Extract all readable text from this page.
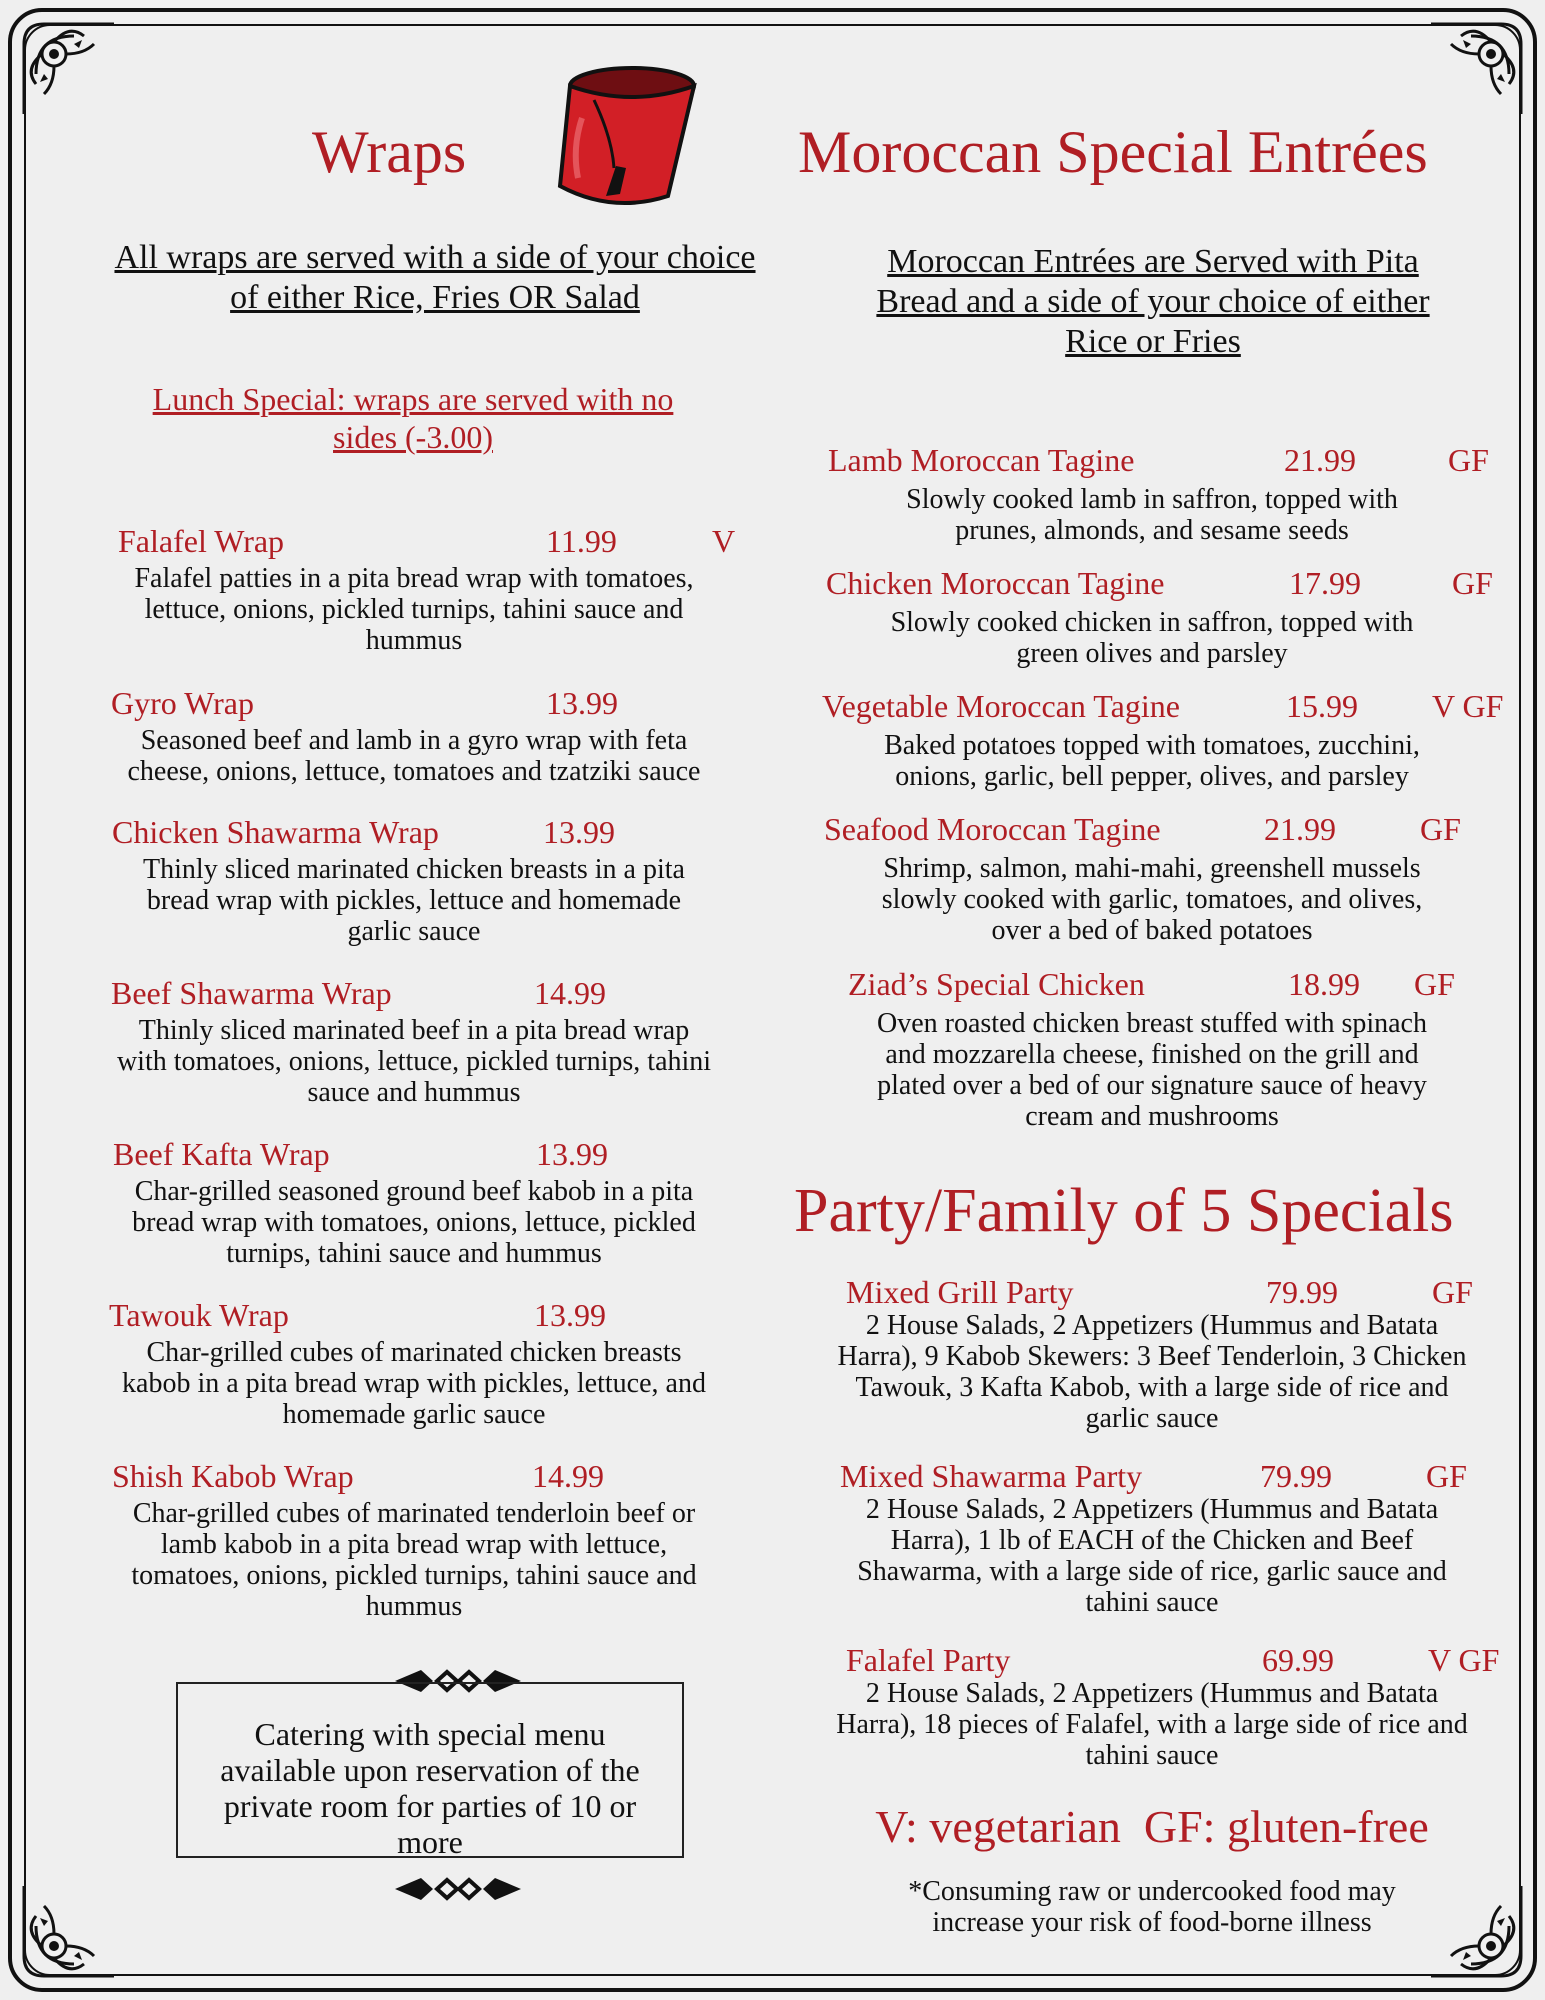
Wraps
All wraps are served with a side of your choice
of either Rice, Fries OR Salad
Lunch Special: wraps are served with no
sides (-3.00)
Falafel Wrap	11.99	V
Falafel patties in a pita bread wrap with tomatoes,
lettuce, onions, pickled turnips, tahini sauce and
hummus
Gyro Wrap	13.99
Seasoned beef and lamb in a gyro wrap with feta
cheese, onions, lettuce, tomatoes and tzatziki sauce
Chicken Shawarma Wrap	13.99
Thinly sliced marinated chicken breasts in a pita
bread wrap with pickles, lettuce and homemade
garlic sauce
Beef Shawarma Wrap	14.99
Thinly sliced marinated beef in a pita bread wrap
with tomatoes, onions, lettuce, pickled turnips, tahini
sauce and hummus
Beef Kafta Wrap	13.99
Char-grilled seasoned ground beef kabob in a pita
bread wrap with tomatoes, onions, lettuce, pickled
turnips, tahini sauce and hummus
Tawouk Wrap	13.99
Char-grilled cubes of marinated chicken breasts
kabob in a pita bread wrap with pickles, lettuce, and
homemade garlic sauce
Shish Kabob Wrap	14.99
Char-grilled cubes of marinated tenderloin beef or
lamb kabob in a pita bread wrap with lettuce,
tomatoes, onions, pickled turnips, tahini sauce and
hummus
Catering with special menu
available upon reservation of the
private room for parties of 10 or
more
Moroccan Special Entrées
Moroccan Entrées are Served with Pita
Bread and a side of your choice of either
Rice or Fries
Lamb Moroccan Tagine	21.99	GF
Slowly cooked lamb in saffron, topped with
prunes, almonds, and sesame seeds
Chicken Moroccan Tagine	17.99	GF
Slowly cooked chicken in saffron, topped with
green olives and parsley
Vegetable Moroccan Tagine	15.99 V GF
Baked potatoes topped with tomatoes, zucchini,
onions, garlic, bell pepper, olives, and parsley
Seafood Moroccan Tagine	21.99	GF
Shrimp, salmon, mahi-mahi, greenshell mussels
slowly cooked with garlic, tomatoes, and olives,
over a bed of baked potatoes
Ziad’s Special Chicken	18.99 GF
Oven roasted chicken breast stuffed with spinach
and mozzarella cheese, finished on the grill and
plated over a bed of our signature sauce of heavy
cream and mushrooms
Party/Family of 5 Specials
Mixed Grill Party	79.99	GF
2 House Salads, 2 Appetizers (Hummus and Batata
Harra), 9 Kabob Skewers: 3 Beef Tenderloin, 3 Chicken
Tawouk, 3 Kafta Kabob, with a large side of rice and
garlic sauce
Mixed Shawarma Party	79.99	GF
2 House Salads, 2 Appetizers (Hummus and Batata
Harra), 1 lb of EACH of the Chicken and Beef
Shawarma, with a large side of rice, garlic sauce and
tahini sauce
Falafel Party	69.99	V GF
2 House Salads, 2 Appetizers (Hummus and Batata
Harra), 18 pieces of Falafel, with a large side of rice and
tahini sauce
V: vegetarian  GF: gluten-free
*Consuming raw or undercooked food may
increase your risk of food-borne illness
